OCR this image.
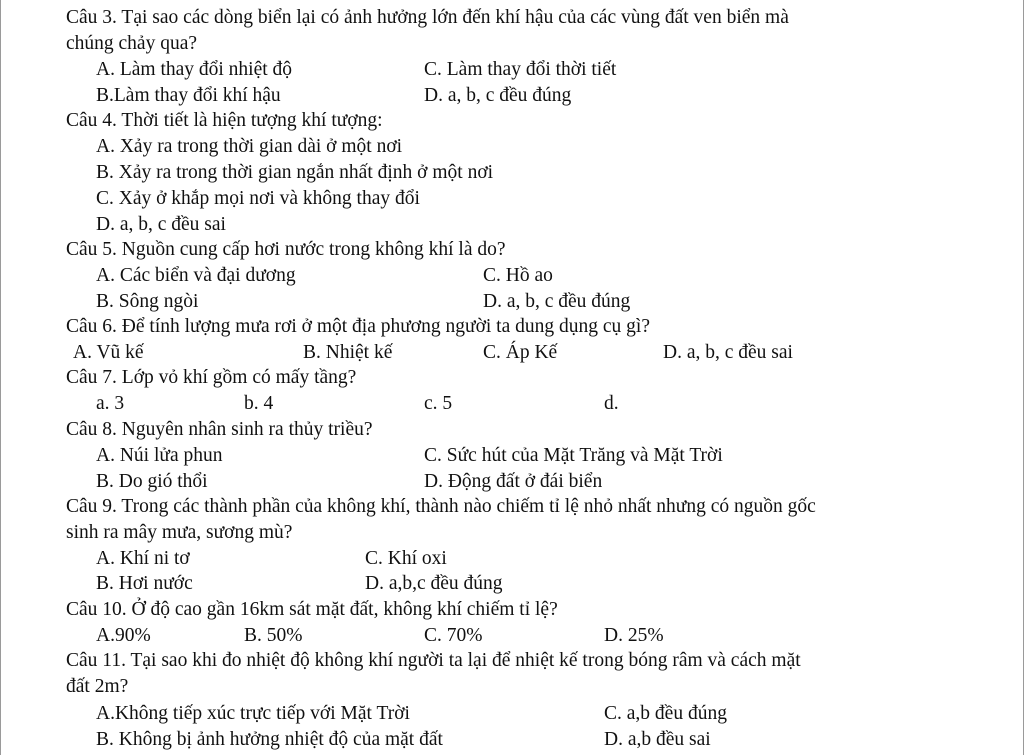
Câu 3. Tại sao các dòng biển lại có ảnh hưởng lớn đến khí hậu của các vùng đất ven biển mà
chúng chảy qua?
A. Làm thay đổi nhiệt độ	C. Làm thay đổi thời tiết
B.Làm thay đổi khí hậu	D. a, b, c đều đúng
Câu 4. Thời tiết là hiện tượng khí tượng:
A. Xảy ra trong thời gian dài ở một nơi
B. Xảy ra trong thời gian ngắn nhất định ở một nơi
C. Xảy ở khắp mọi nơi và không thay đổi
D. a, b, c đều sai
Câu 5. Nguồn cung cấp hơi nước trong không khí là do?
A. Các biển và đại dương	C. Hồ ao
B. Sông ngòi	D. a, b, c đều đúng
Câu 6. Để tính lượng mưa rơi ở một địa phương người ta dung dụng cụ gì?
A. Vũ kế	B. Nhiệt kế	C. Áp Kế	D. a, b, c đều sai
Câu 7. Lớp vỏ khí gồm có mấy tầng?
a. 3	b. 4	c. 5	d.
Câu 8. Nguyên nhân sinh ra thủy triều?
A. Núi lửa phun	C. Sức hút của Mặt Trăng và Mặt Trời
B. Do gió thổi	D. Động đất ở đái biển
Câu 9. Trong các thành phần của không khí, thành nào chiếm tỉ lệ nhỏ nhất nhưng có nguồn gốc
sinh ra mây mưa, sương mù?
A. Khí ni tơ	C. Khí oxi
B. Hơi nước	D. a,b,c đều đúng
Câu 10. Ở độ cao gần 16km sát mặt đất, không khí chiếm tỉ lệ?
A.90%	B. 50%	C. 70%	D. 25%
Câu 11. Tại sao khi đo nhiệt độ không khí người ta lại để nhiệt kế trong bóng râm và cách mặt
đất 2m?
A.Không tiếp xúc trực tiếp với Mặt Trời	C. a,b đều đúng
B. Không bị ảnh hưởng nhiệt độ của mặt đất	D. a,b đều sai
